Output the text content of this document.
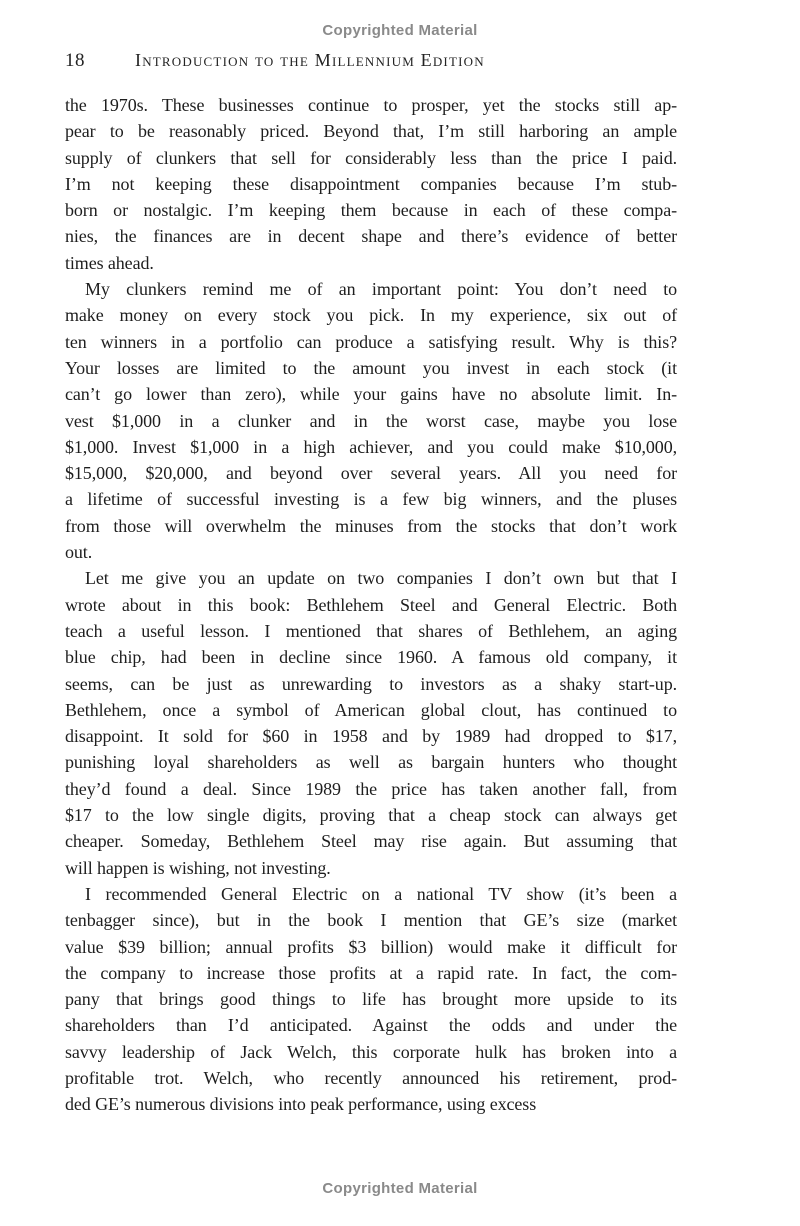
Copyrighted Material
18	Introduction to the Millennium Edition
the 1970s. These businesses continue to prosper, yet the stocks still ap-
pear to be reasonably priced. Beyond that, I’m still harboring an ample
supply of clunkers that sell for considerably less than the price I paid.
I’m not keeping these disappointment companies because I’m stub-
born or nostalgic. I’m keeping them because in each of these compa-
nies, the finances are in decent shape and there’s evidence of better
times ahead.
My clunkers remind me of an important point: You don’t need to
make money on every stock you pick. In my experience, six out of
ten winners in a portfolio can produce a satisfying result. Why is this?
Your losses are limited to the amount you invest in each stock (it
can’t go lower than zero), while your gains have no absolute limit. In-
vest $1,000 in a clunker and in the worst case, maybe you lose
$1,000. Invest $1,000 in a high achiever, and you could make $10,000,
$15,000, $20,000, and beyond over several years. All you need for
a lifetime of successful investing is a few big winners, and the pluses
from those will overwhelm the minuses from the stocks that don’t work
out.
Let me give you an update on two companies I don’t own but that I
wrote about in this book: Bethlehem Steel and General Electric. Both
teach a useful lesson. I mentioned that shares of Bethlehem, an aging
blue chip, had been in decline since 1960. A famous old company, it
seems, can be just as unrewarding to investors as a shaky start-up.
Bethlehem, once a symbol of American global clout, has continued to
disappoint. It sold for $60 in 1958 and by 1989 had dropped to $17,
punishing loyal shareholders as well as bargain hunters who thought
they’d found a deal. Since 1989 the price has taken another fall, from
$17 to the low single digits, proving that a cheap stock can always get
cheaper. Someday, Bethlehem Steel may rise again. But assuming that
will happen is wishing, not investing.
I recommended General Electric on a national TV show (it’s been a
tenbagger since), but in the book I mention that GE’s size (market
value $39 billion; annual profits $3 billion) would make it difficult for
the company to increase those profits at a rapid rate. In fact, the com-
pany that brings good things to life has brought more upside to its
shareholders than I’d anticipated. Against the odds and under the
savvy leadership of Jack Welch, this corporate hulk has broken into a
profitable trot. Welch, who recently announced his retirement, prod-
ded GE’s numerous divisions into peak performance, using excess
Copyrighted Material
